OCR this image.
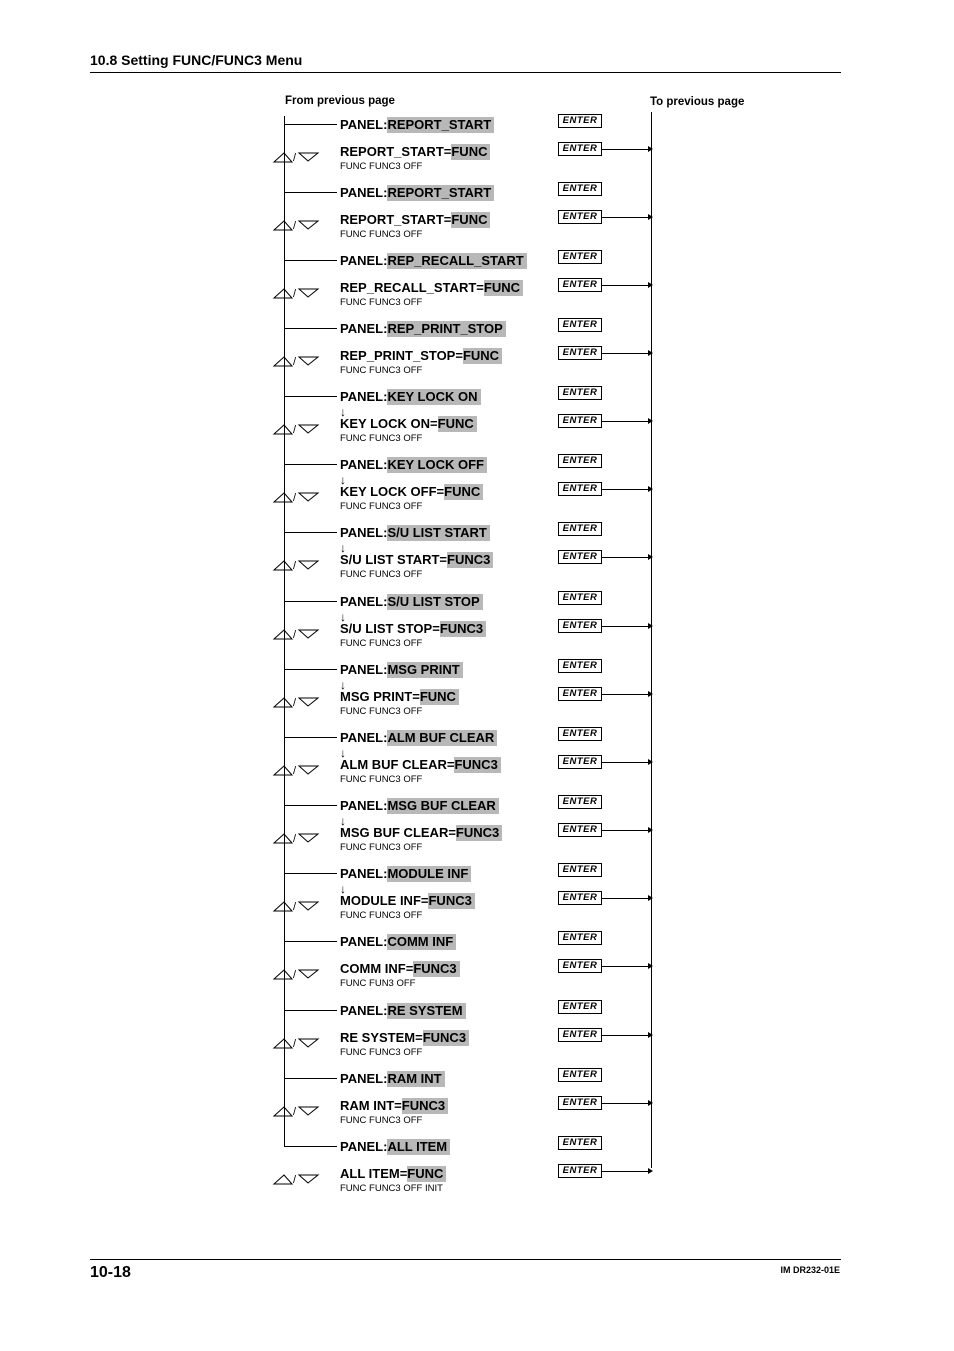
10.8 Setting FUNC/FUNC3 Menu
From previous page	To previous page
PANEL:REPORT_START	ENTER
/	REPORT_START=FUNC
FUNC FUNC3 OFF
ENTER
PANEL:REPORT_START	ENTER
/	REPORT_START=FUNC
FUNC FUNC3 OFF
ENTER
PANEL:REP_RECALL_START	ENTER
/	REP_RECALL_START=FUNC
FUNC FUNC3 OFF
ENTER
PANEL:REP_PRINT_STOP	ENTER
/	REP_PRINT_STOP=FUNC
FUNC FUNC3 OFF
ENTER
PANEL:KEY LOCK ON	ENTER
↓
/	KEY LOCK ON=FUNC
FUNC FUNC3 OFF
ENTER
PANEL:KEY LOCK OFF	ENTER
↓
/	KEY LOCK OFF=FUNC
FUNC FUNC3 OFF
ENTER
PANEL:S/U LIST START	ENTER
↓
/	S/U LIST START=FUNC3
FUNC FUNC3 OFF
ENTER
PANEL:S/U LIST STOP	ENTER
↓
/	S/U LIST STOP=FUNC3
FUNC FUNC3 OFF
ENTER
PANEL:MSG PRINT	ENTER
↓
/	MSG PRINT=FUNC
FUNC FUNC3 OFF
ENTER
PANEL:ALM BUF CLEAR	ENTER
↓
/	ALM BUF CLEAR=FUNC3
FUNC FUNC3 OFF
ENTER
PANEL:MSG BUF CLEAR	ENTER
↓
/	MSG BUF CLEAR=FUNC3
FUNC FUNC3 OFF
ENTER
PANEL:MODULE INF	ENTER
↓
/	MODULE INF=FUNC3
FUNC FUNC3 OFF
ENTER
PANEL:COMM INF	ENTER
/	COMM INF=FUNC3
FUNC FUN3 OFF
ENTER
PANEL:RE SYSTEM	ENTER
/	RE SYSTEM=FUNC3
FUNC FUNC3 OFF
ENTER
PANEL:RAM INT	ENTER
/	RAM INT=FUNC3
FUNC FUNC3 OFF
ENTER
PANEL:ALL ITEM	ENTER
/	ALL ITEM=FUNC
FUNC FUNC3 OFF INIT
ENTER
10-18	IM DR232-01E
